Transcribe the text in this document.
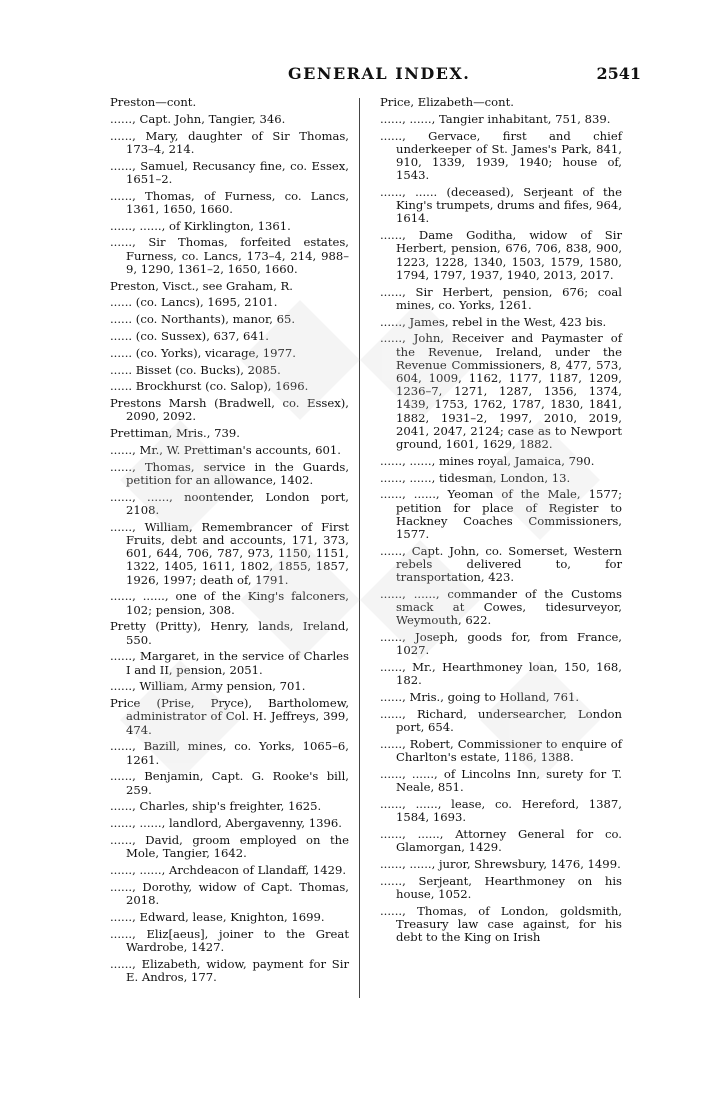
GENERAL INDEX.	2541

Preston—cont.

......, Capt. John, Tangier, 346.

......, Mary, daughter of Sir Thomas, 173–4, 214.

......, Samuel, Recusancy fine, co. Essex, 1651–2.

......, Thomas, of Furness, co. Lancs, 1361, 1650, 1660.

......, ......, of Kirklington, 1361.

......, Sir Thomas, forfeited estates, Furness, co. Lancs, 173–4, 214, 988–9, 1290, 1361–2, 1650, 1660.

Preston, Visct., see Graham, R.

...... (co. Lancs), 1695, 2101.

...... (co. Northants), manor, 65.

...... (co. Sussex), 637, 641.

...... (co. Yorks), vicarage, 1977.

...... Bisset (co. Bucks), 2085.

...... Brockhurst (co. Salop), 1696.

Prestons Marsh (Bradwell, co. Essex), 2090, 2092.

Prettiman, Mris., 739.

......, Mr., W. Prettiman's accounts, 601.

......, Thomas, service in the Guards, petition for an allowance, 1402.

......, ......, noontender, London port, 2108.

......, William, Remembrancer of First Fruits, debt and accounts, 171, 373, 601, 644, 706, 787, 973, 1150, 1151, 1322, 1405, 1611, 1802, 1855, 1857, 1926, 1997; death of, 1791.

......, ......, one of the King's falconers, 102; pension, 308.

Pretty (Pritty), Henry, lands, Ireland, 550.

......, Margaret, in the service of Charles I and II, pension, 2051.

......, William, Army pension, 701.

Price (Prise, Pryce), Bartholomew, administrator of Col. H. Jeffreys, 399, 474.

......, Bazill, mines, co. Yorks, 1065–6, 1261.

......, Benjamin, Capt. G. Rooke's bill, 259.

......, Charles, ship's freighter, 1625.

......, ......, landlord, Abergavenny, 1396.

......, David, groom employed on the Mole, Tangier, 1642.

......, ......, Archdeacon of Llandaff, 1429.

......, Dorothy, widow of Capt. Thomas, 2018.

......, Edward, lease, Knighton, 1699.

......, Eliz[aeus], joiner to the Great Wardrobe, 1427.

......, Elizabeth, widow, payment for Sir E. Andros, 177.

Price, Elizabeth—cont.

......, ......, Tangier inhabitant, 751, 839.

......, Gervace, first and chief underkeeper of St. James's Park, 841, 910, 1339, 1939, 1940; house of, 1543.

......, ...... (deceased), Serjeant of the King's trumpets, drums and fifes, 964, 1614.

......, Dame Goditha, widow of Sir Herbert, pension, 676, 706, 838, 900, 1223, 1228, 1340, 1503, 1579, 1580, 1794, 1797, 1937, 1940, 2013, 2017.

......, Sir Herbert, pension, 676; coal mines, co. Yorks, 1261.

......, James, rebel in the West, 423 bis.

......, John, Receiver and Paymaster of the Revenue, Ireland, under the Revenue Commissioners, 8, 477, 573, 604, 1009, 1162, 1177, 1187, 1209, 1236–7, 1271, 1287, 1356, 1374, 1439, 1753, 1762, 1787, 1830, 1841, 1882, 1931–2, 1997, 2010, 2019, 2041, 2047, 2124; case as to Newport ground, 1601, 1629, 1882.

......, ......, mines royal, Jamaica, 790.

......, ......, tidesman, London, 13.

......, ......, Yeoman of the Male, 1577; petition for place of Register to Hackney Coaches Commissioners, 1577.

......, Capt. John, co. Somerset, Western rebels delivered to, for transportation, 423.

......, ......, commander of the Customs smack at Cowes, tidesurveyor, Weymouth, 622.

......, Joseph, goods for, from France, 1027.

......, Mr., Hearthmoney loan, 150, 168, 182.

......, Mris., going to Holland, 761.

......, Richard, undersearcher, London port, 654.

......, Robert, Commissioner to enquire of Charlton's estate, 1186, 1388.

......, ......, of Lincolns Inn, surety for T. Neale, 851.

......, ......, lease, co. Hereford, 1387, 1584, 1693.

......, ......, Attorney General for co. Glamorgan, 1429.

......, ......, juror, Shrewsbury, 1476, 1499.

......, Serjeant, Hearthmoney on his house, 1052.

......, Thomas, of London, goldsmith, Treasury law case against, for his debt to the King on Irish
